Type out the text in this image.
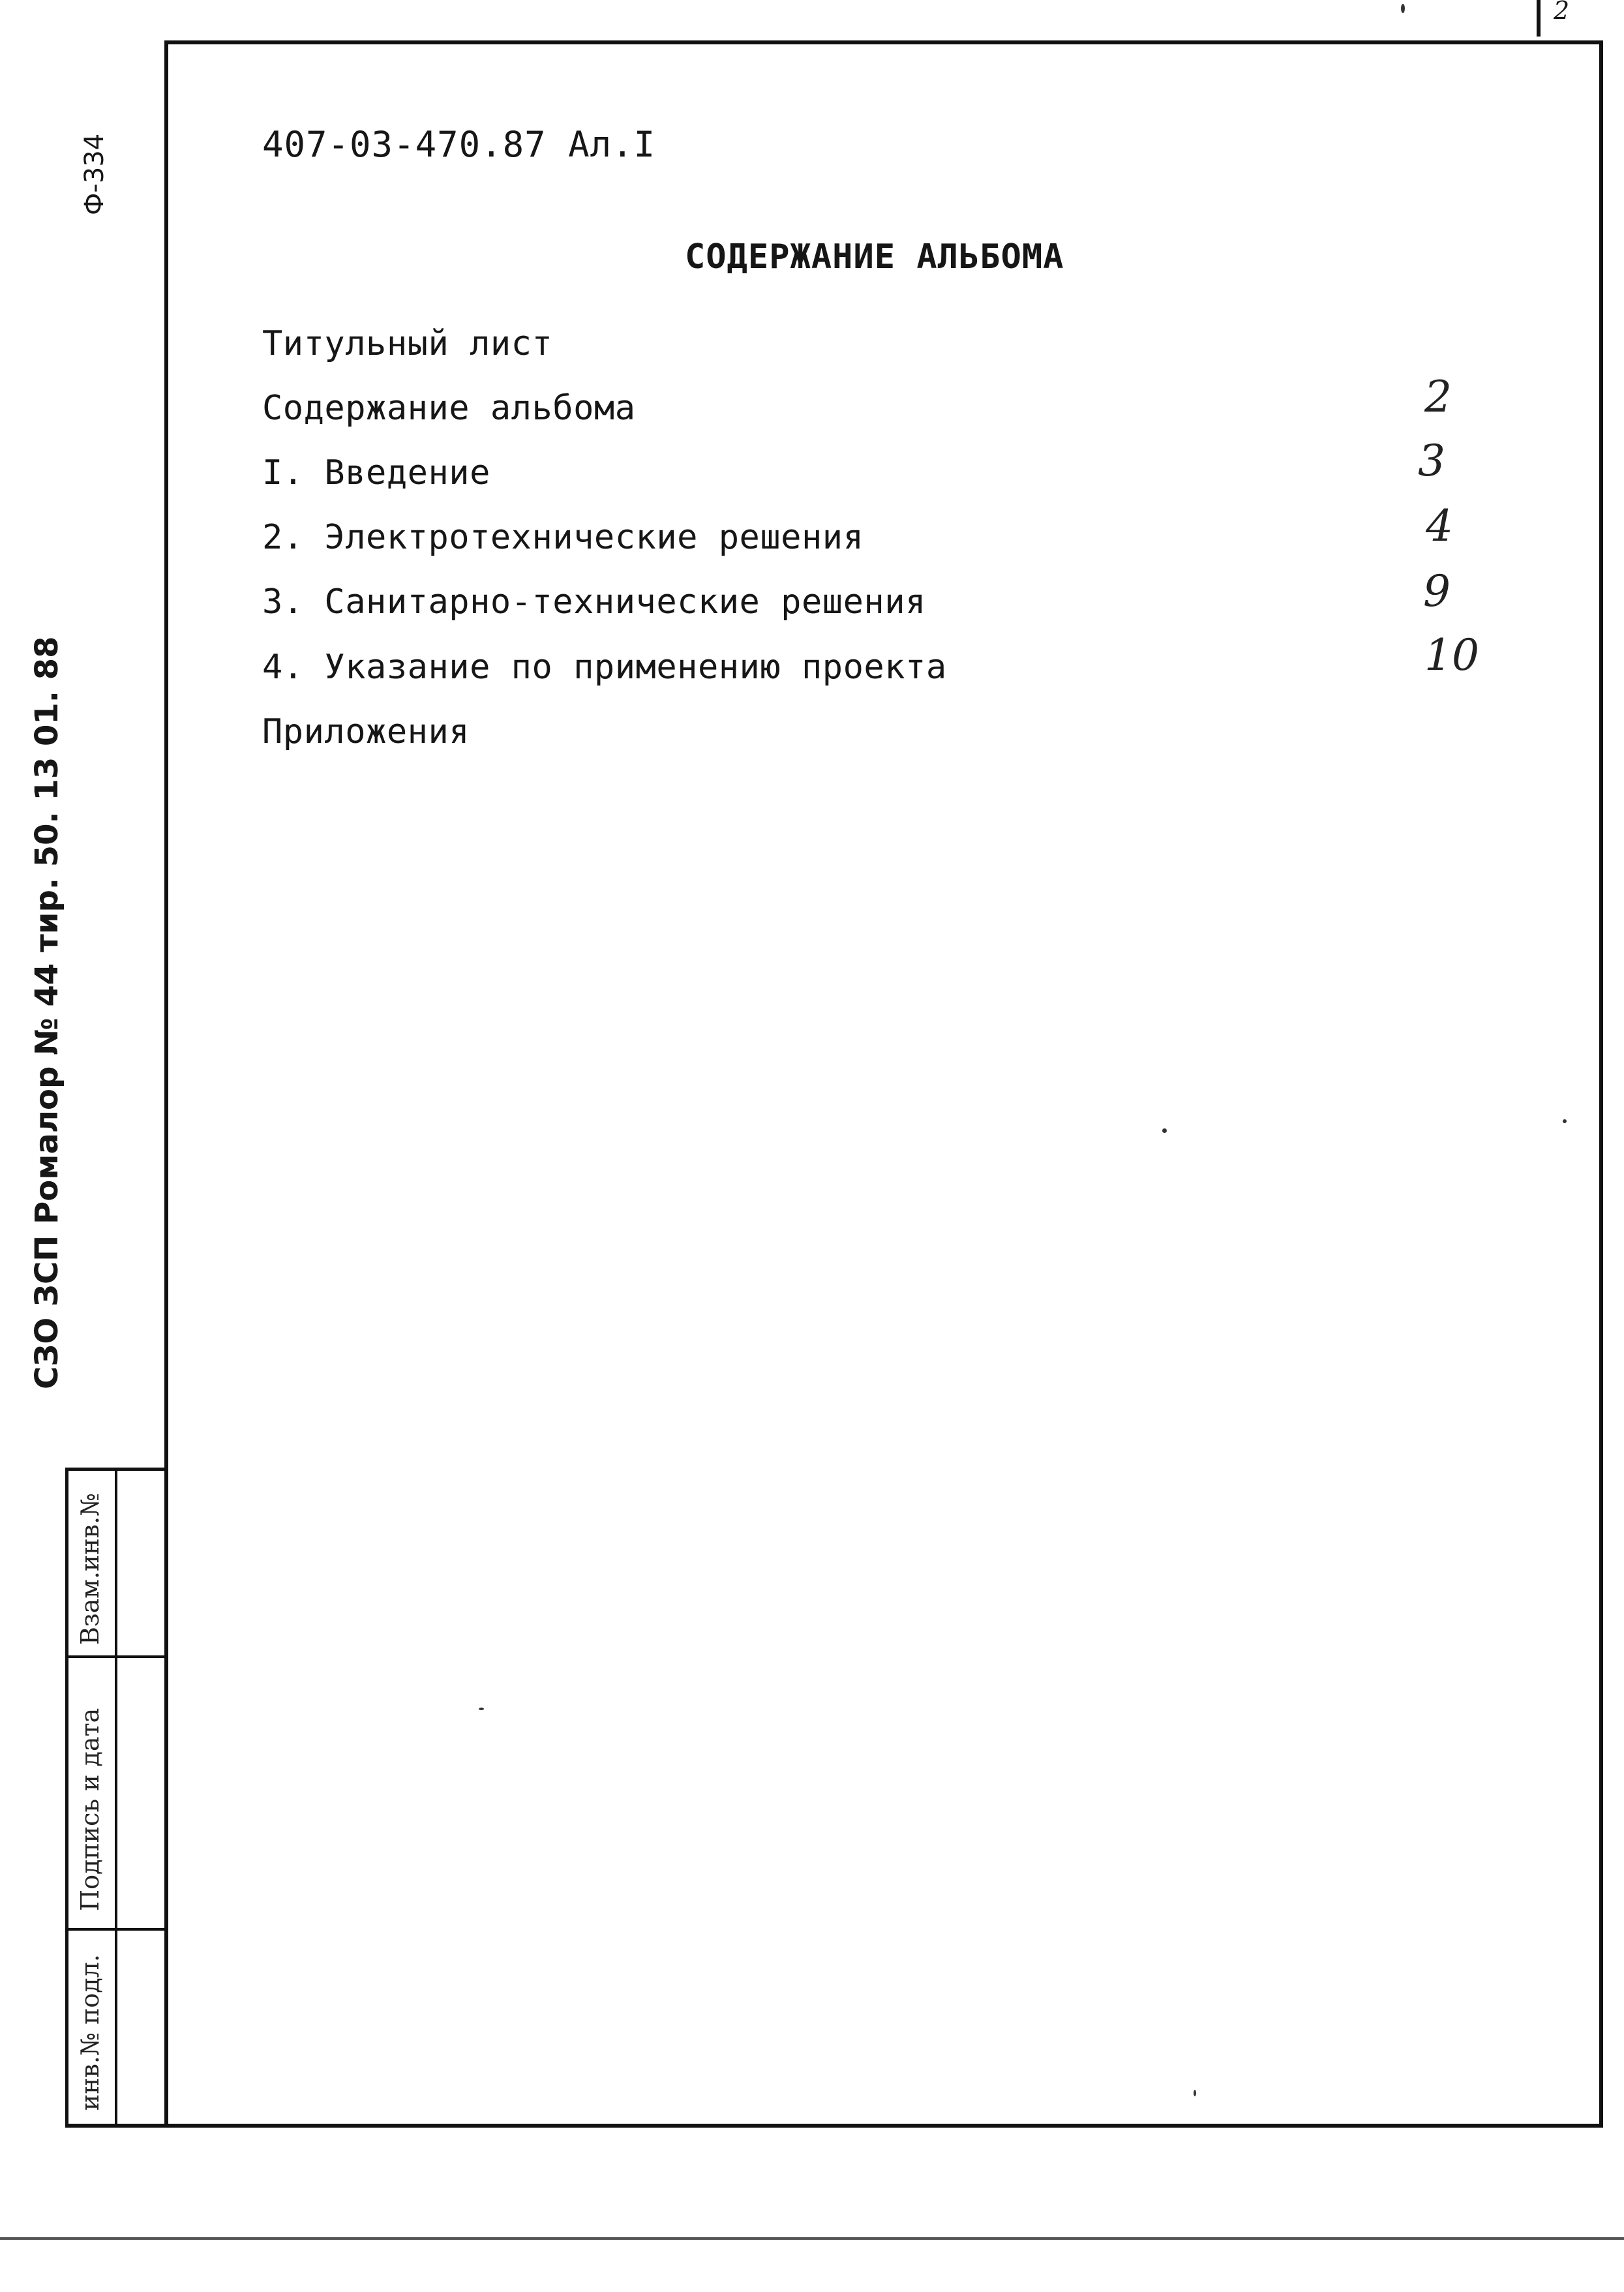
2
407-03-470.87 Ал.I
СОДЕРЖАНИЕ АЛЬБОМА
Титульный лист
Содержание альбома
I. Введение
2. Электротехнические решения
3. Санитарно-технические решения
4. Указание по применению проекта
Приложения
2
3
4
9
10
Ф-334
СЗО ЗСП Ромалор № 44 тир. 50. 13 01. 88
Взам.инв.№
Подпись и дата
инв.№ подл.
